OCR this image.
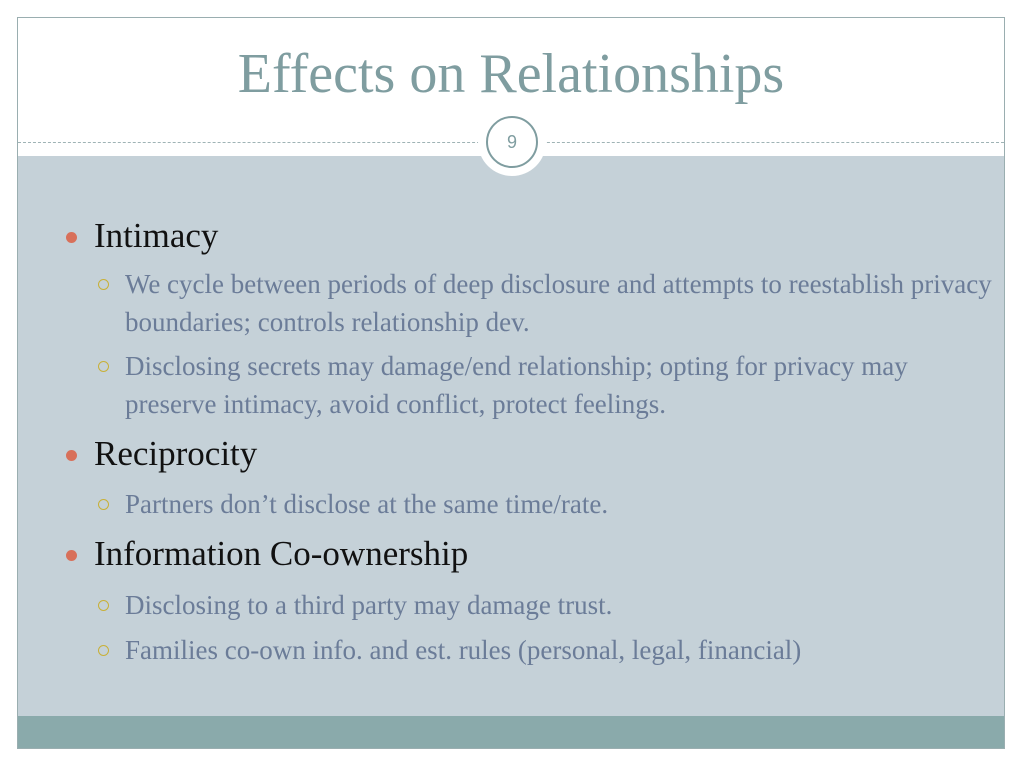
Effects on Relationships
Intimacy
We cycle between periods of deep disclosure and attempts to reestablish privacy boundaries; controls relationship dev.
Disclosing secrets may damage/end relationship; opting for privacy may preserve intimacy, avoid conflict, protect feelings.
Reciprocity
Partners don’t disclose at the same time/rate.
Information Co-ownership
Disclosing to a third party may damage trust.
Families co-own info. and est. rules (personal, legal, financial)
9
